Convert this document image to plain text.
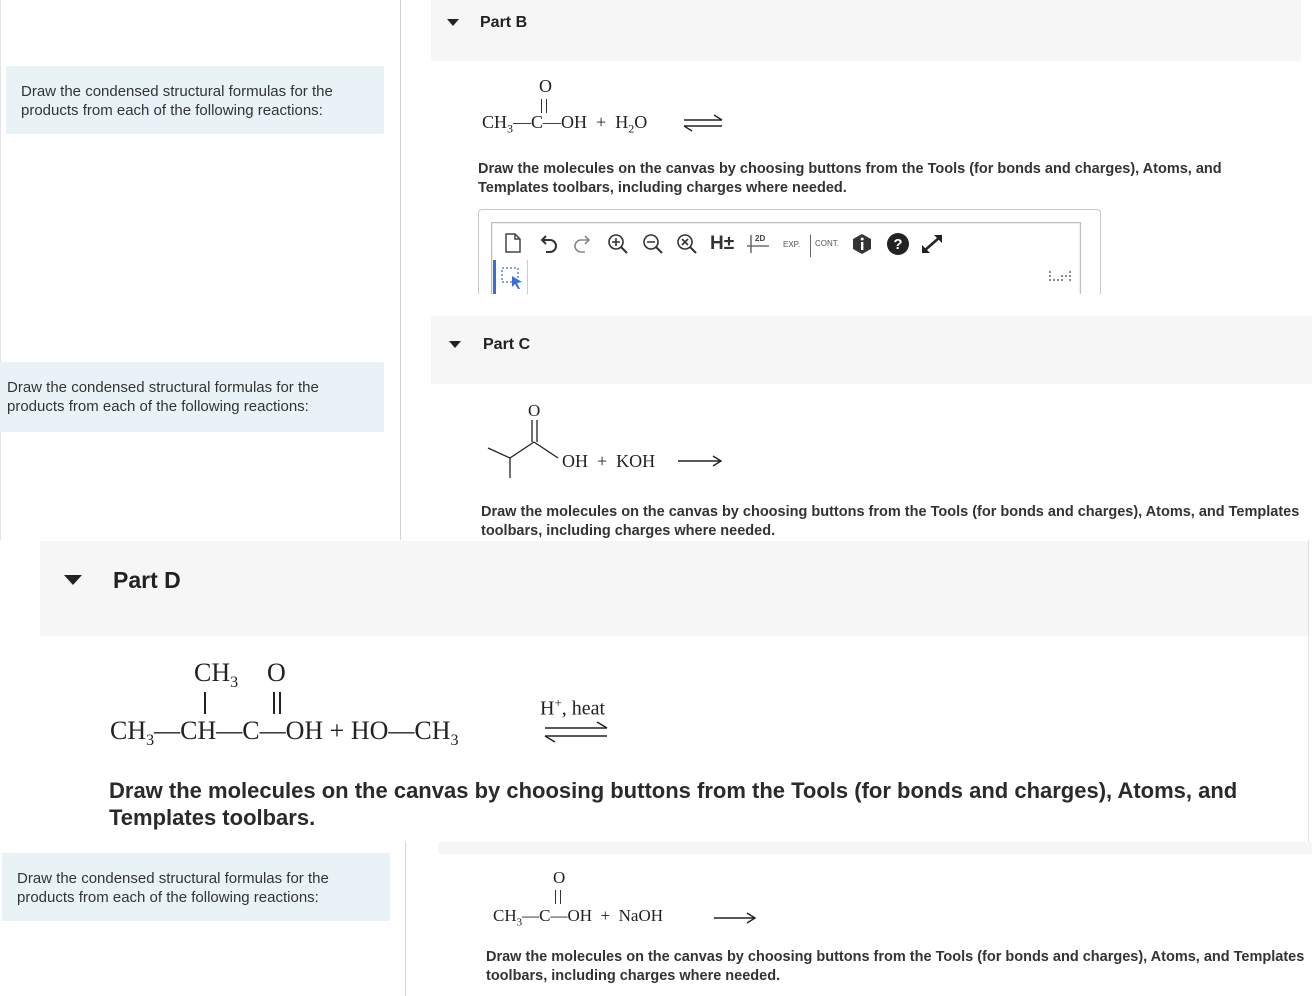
Draw the condensed structural formulas for the products from each of the following reactions:
Draw the condensed structural formulas for the products from each of the following reactions:
Part B
O
$CH_3—C—OH + H_2O$
Draw the molecules on the canvas by choosing buttons from the Tools (for bonds and charges), Atoms, and Templates toolbars, including charges where needed.
H±	2D
EXP. CONT.	?
Part C
O
OH + KOH →
Draw the molecules on the canvas by choosing buttons from the Tools (for bonds and charges), Atoms, and Templates toolbars, including charges where needed.
Part D
$CH_3$ O
$CH_3—CH—C—OH$ + $HO—CH_3$
H+, heat
Draw the molecules on the canvas by choosing buttons from the Tools (for bonds and charges), Atoms, and Templates toolbars.
Draw the condensed structural formulas for the products from each of the following reactions:
O
$CH_3—C—OH$ + NaOH
Draw the molecules on the canvas by choosing buttons from the Tools (for bonds and charges), Atoms, and Templates toolbars, including charges where needed.
